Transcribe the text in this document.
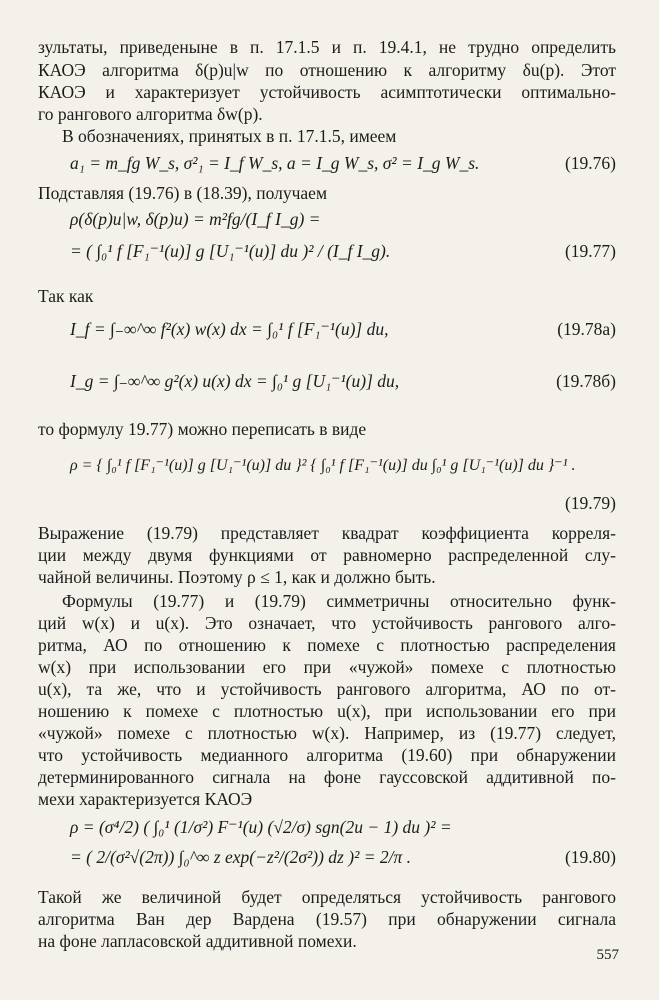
зультаты, приведеныне в п. 17.1.5 и п. 19.4.1, не трудно определить
КАОЭ алгоритма δ(p)u|w по отношению к алгоритму δu(p). Этот
КАОЭ и характеризует устойчивость асимптотически оптимально-
го рангового алгоритма δw(p).
В обозначениях, принятых в п. 17.1.5, имеем
a₁ = m_fg W_s, σ²₁ = I_f W_s, a = I_g W_s, σ² = I_g W_s.	(19.76)
Подставляя (19.76) в (18.39), получаем
ρ(δ(p)u|w, δ(p)u) = m²fg/(I_f I_g) =
= ( ∫₀¹ f [F₁⁻¹(u)] g [U₁⁻¹(u)] du )² / (I_f I_g).	(19.77)
Так как
I_f = ∫₋∞^∞ f²(x) w(x) dx = ∫₀¹ f [F₁⁻¹(u)] du,	(19.78a)
I_g = ∫₋∞^∞ g²(x) u(x) dx = ∫₀¹ g [U₁⁻¹(u)] du,	(19.78б)
то формулу 19.77) можно переписать в виде
ρ = { ∫₀¹ f [F₁⁻¹(u)] g [U₁⁻¹(u)] du }² { ∫₀¹ f [F₁⁻¹(u)] du ∫₀¹ g [U₁⁻¹(u)] du }⁻¹ .
(19.79)
Выражение (19.79) представляет квадрат коэффициента корреля-
ции между двумя функциями от равномерно распределенной слу-
чайной величины. Поэтому ρ ≤ 1, как и должно быть.
Формулы (19.77) и (19.79) симметричны относительно функ-
ций w(x) и u(x). Это означает, что устойчивость рангового алго-
ритма, АО по отношению к помехе с плотностью распределения
w(x) при использовании его при «чужой» помехе с плотностью
u(x), та же, что и устойчивость рангового алгоритма, АО по от-
ношению к помехе с плотностью u(x), при использовании его при
«чужой» помехе с плотностью w(x). Например, из (19.77) следует,
что устойчивость медианного алгоритма (19.60) при обнаружении
детерминированного сигнала на фоне гауссовской аддитивной по-
мехи характеризуется КАОЭ
ρ = (σ⁴/2) ( ∫₀¹ (1/σ²) F⁻¹(u) (√2/σ) sgn(2u − 1) du )² =
= ( 2/(σ²√(2π)) ∫₀^∞ z exp(−z²/(2σ²)) dz )² = 2/π .	(19.80)
Такой же величиной будет определяться устойчивость рангового
алгоритма Ван дер Вардена (19.57) при обнаружении сигнала
на фоне лапласовской аддитивной помехи.
557
